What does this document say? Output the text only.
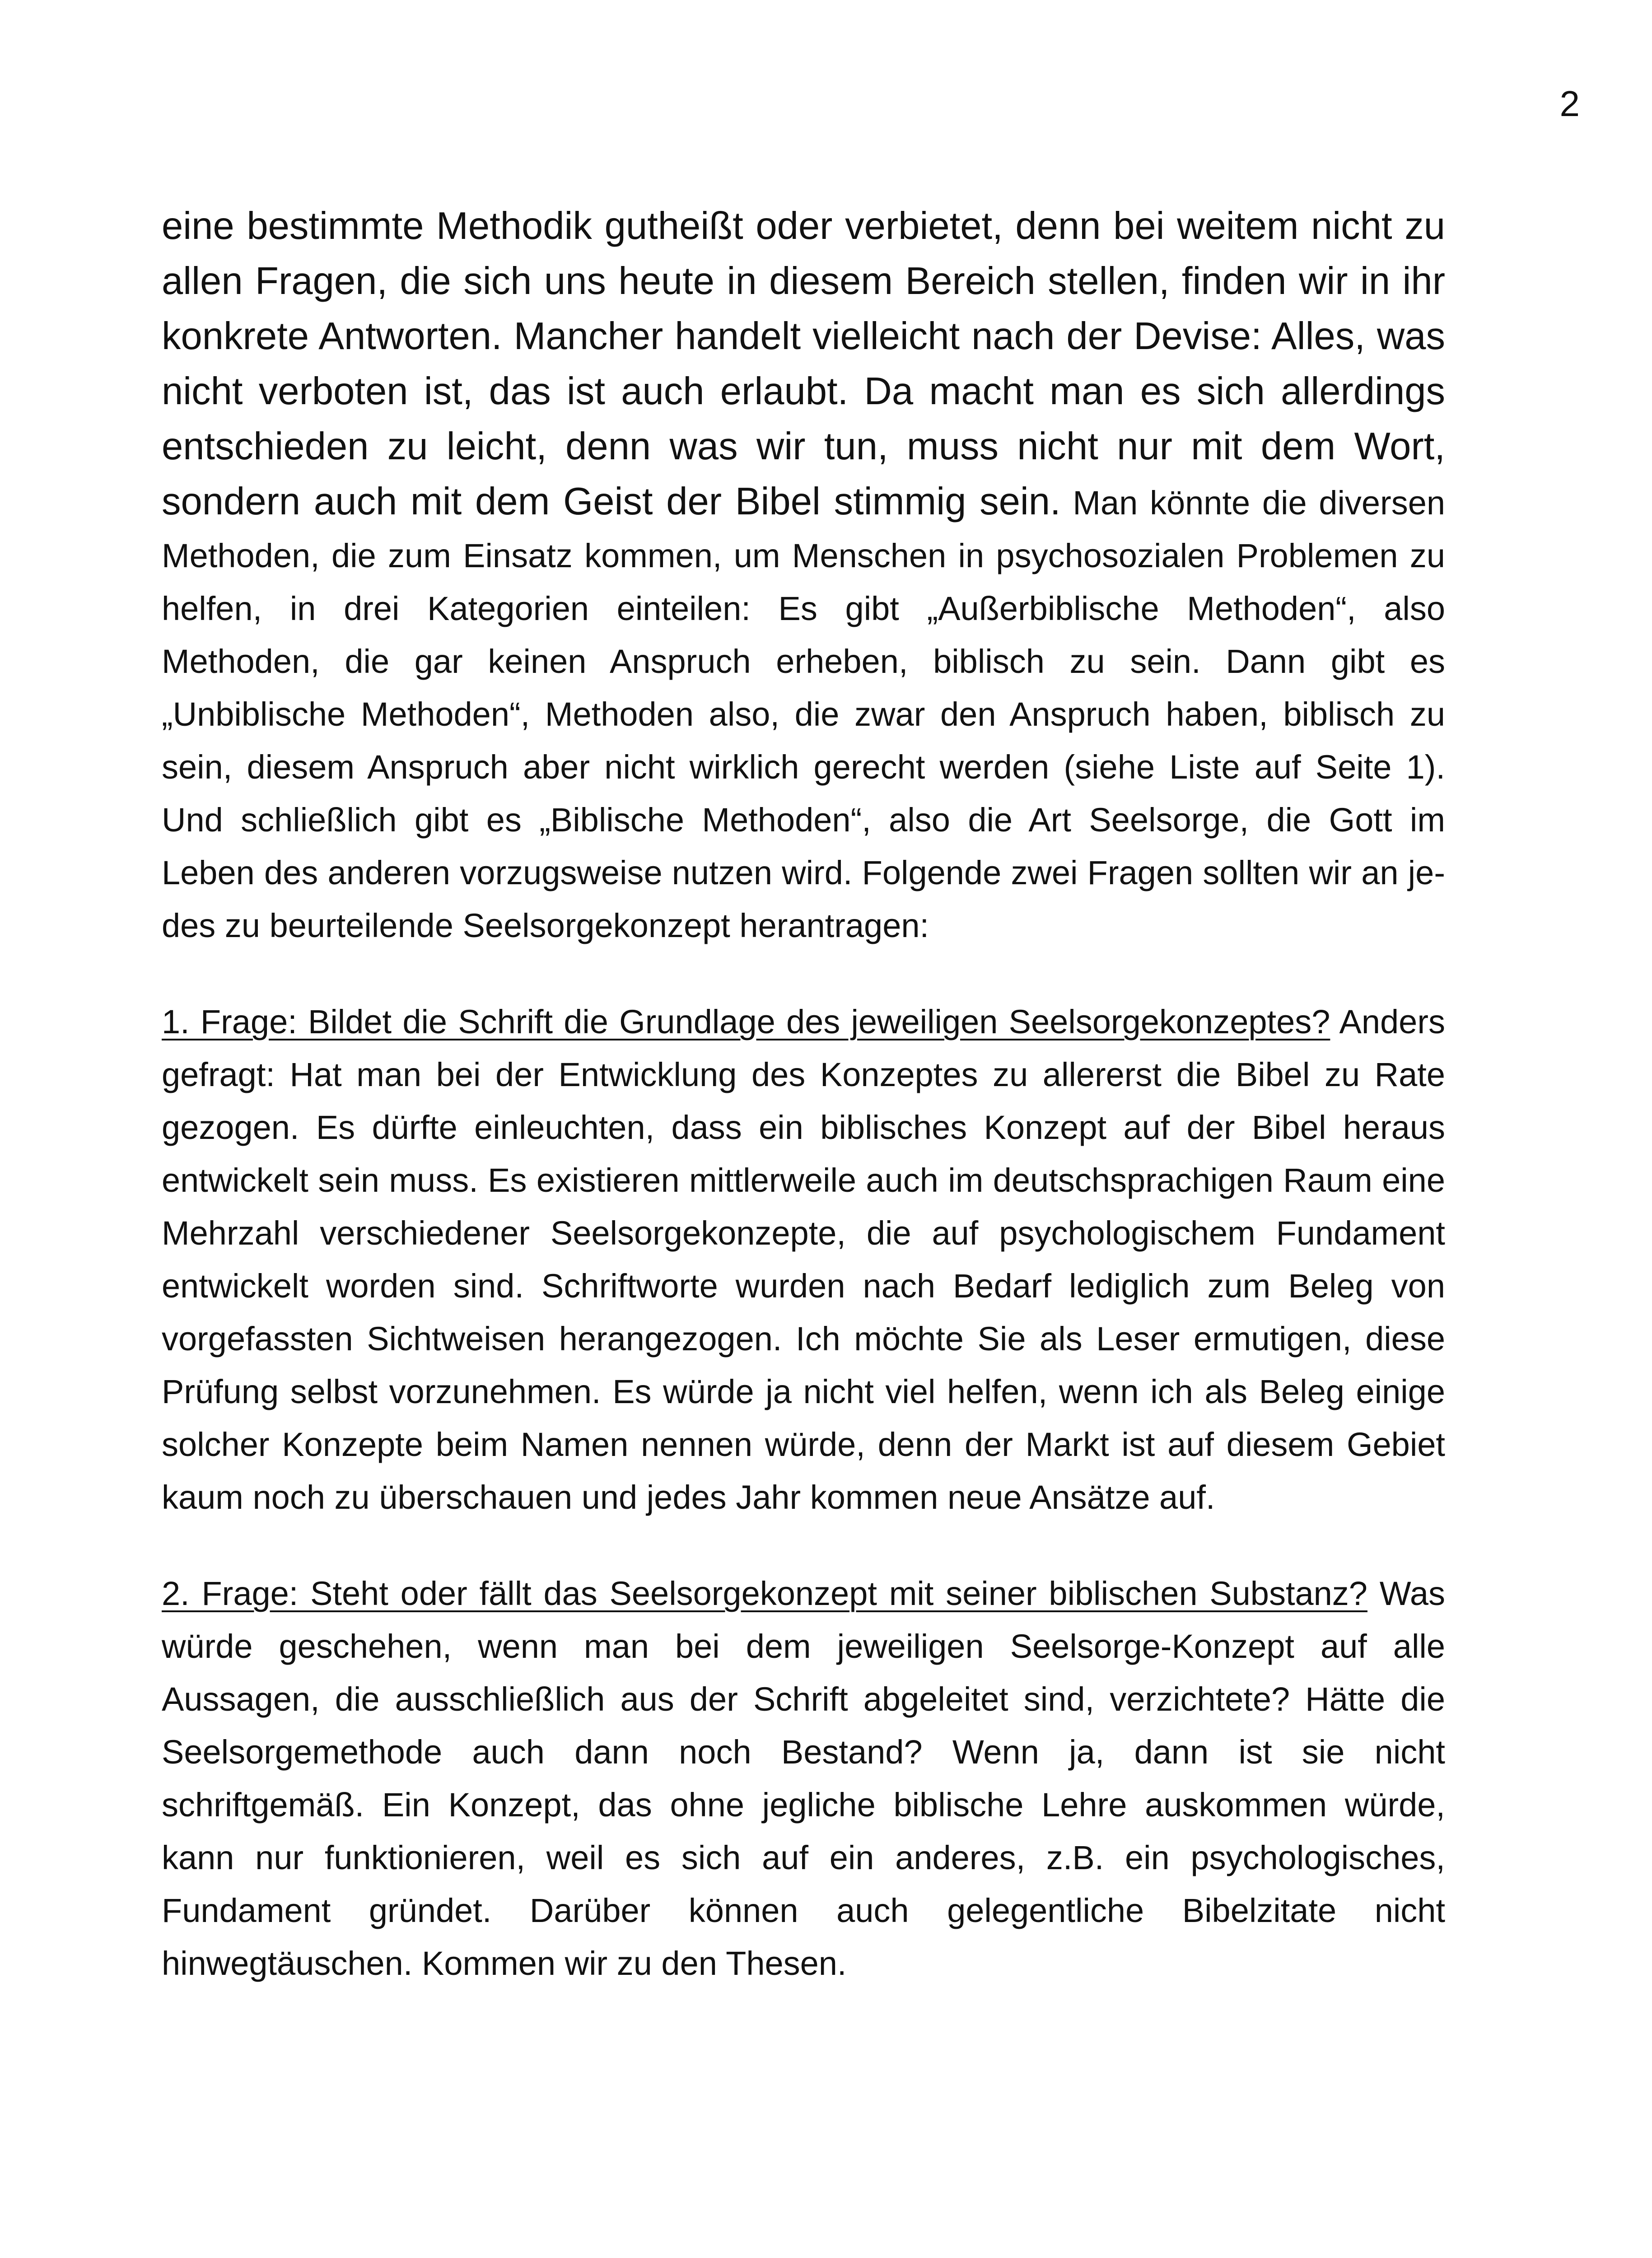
2

eine bestimmte Methodik gutheißt oder verbietet, denn bei weitem nicht zu allen Fragen, die sich uns heute in diesem Bereich stellen, finden wir in ihr konkrete Antworten. Mancher handelt vielleicht nach der Devise: Alles, was nicht verboten ist, das ist auch erlaubt. Da macht man es sich allerdings entschieden zu leicht, denn was wir tun, muss nicht nur mit dem Wort, sondern auch mit dem Geist der Bibel stimmig sein. Man könnte die diversen Methoden, die zum Einsatz kommen, um Menschen in psychosozialen Problemen zu helfen, in drei Kategorien einteilen: Es gibt „Außerbiblische Methoden“, also Methoden, die gar keinen Anspruch erheben, biblisch zu sein. Dann gibt es „Unbiblische Methoden“, Methoden also, die zwar den Anspruch haben, biblisch zu sein, diesem Anspruch aber nicht wirklich gerecht werden (siehe Liste auf Seite 1). Und schließlich gibt es „Biblische Methoden“, also die Art Seelsorge, die Gott im Leben des anderen vorzugsweise nutzen wird. Folgende zwei Fragen sollten wir an jedes zu beurteilende Seelsorgekonzept herantragen:

1. Frage: Bildet die Schrift die Grundlage des jeweiligen Seelsorgekonzeptes? Anders gefragt: Hat man bei der Entwicklung des Konzeptes zu allererst die Bibel zu Rate gezogen. Es dürfte einleuchten, dass ein biblisches Konzept auf der Bibel heraus entwickelt sein muss. Es existieren mittlerweile auch im deutschsprachigen Raum eine Mehrzahl verschiedener Seelsorgekonzepte, die auf psychologischem Fundament entwickelt worden sind. Schriftworte wurden nach Bedarf lediglich zum Beleg von vorgefassten Sichtweisen herangezogen. Ich möchte Sie als Leser ermutigen, diese Prüfung selbst vorzunehmen. Es würde ja nicht viel helfen, wenn ich als Beleg einige solcher Konzepte beim Namen nennen würde, denn der Markt ist auf diesem Gebiet kaum noch zu überschauen und jedes Jahr kommen neue Ansätze auf.

2. Frage: Steht oder fällt das Seelsorgekonzept mit seiner biblischen Substanz? Was würde geschehen, wenn man bei dem jeweiligen Seelsorge-Konzept auf alle Aussagen, die ausschließlich aus der Schrift abgeleitet sind, verzichtete? Hätte die Seelsorgemethode auch dann noch Bestand? Wenn ja, dann ist sie nicht schriftgemäß. Ein Konzept, das ohne jegliche biblische Lehre auskommen würde, kann nur funktionieren, weil es sich auf ein anderes, z.B. ein psychologisches, Fundament gründet. Darüber können auch gelegentliche Bibelzitate nicht hinwegtäuschen. Kommen wir zu den Thesen.
